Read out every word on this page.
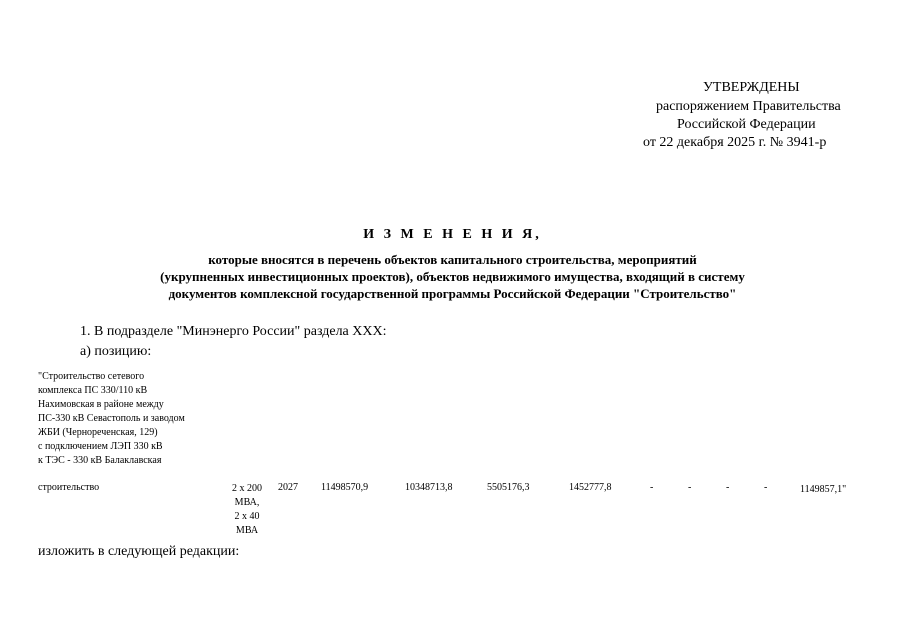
УТВЕРЖДЕНЫ
распоряжением Правительства
Российской Федерации
от 22 декабря 2025 г. № 3941-р
И З М Е Н Е Н И Я,
которые вносятся в перечень объектов капитального строительства, мероприятий
(укрупненных инвестиционных проектов), объектов недвижимого имущества, входящий в систему
документов комплексной государственной программы Российской Федерации "Строительство"
1. В подразделе "Минэнерго России" раздела XXX:
а) позицию:
"Строительство сетевого
комплекса ПС 330/110 кВ
Нахимовская в районе между
ПС-330 кВ Севастополь и заводом
ЖБИ (Чернореченская, 129)
с подключением ЛЭП 330 кВ
к ТЭС - 330 кВ Балаклавская
строительство	2 х 200
МВА,
2 х 40
МВА
2027 11498570,9	10348713,8	5505176,3	1452777,8	-	-	-	-	1149857,1"
изложить в следующей редакции:
